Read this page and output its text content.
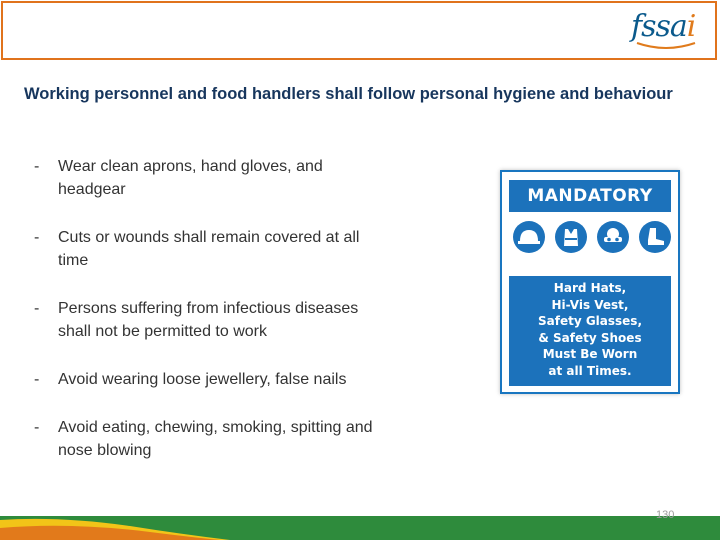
fssai
Working personnel and food handlers shall follow personal hygiene and behaviour
-	Wear clean aprons, hand gloves, and headgear
-	Cuts or wounds shall remain covered at all time
-	Persons suffering from infectious diseases shall not be permitted to work
-	Avoid wearing loose jewellery, false nails
-	Avoid eating, chewing, smoking, spitting and nose blowing
MANDATORY
Hard Hats,
Hi-Vis Vest,
Safety Glasses,
& Safety Shoes
Must Be Worn
at all Times.
130
